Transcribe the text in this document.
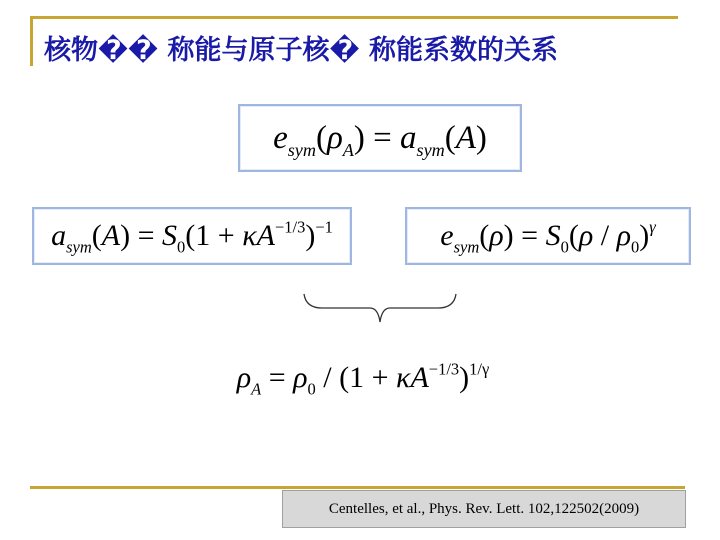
核物�� 称能与原子核� 称能系数的关系
$e_{sym}(\rho_A) = a_{sym}(A)$
$a_{sym}(A) = S_0(1 + \kappa A^{-1/3})^{-1}$	$e_{sym}(\rho) = S_0(\rho / \rho_0)^\gamma$
$\rho_A = \rho_0 / (1 + \kappa A^{-1/3})^{1/\gamma}$
Centelles, et al., Phys. Rev. Lett. 102,122502(2009)
